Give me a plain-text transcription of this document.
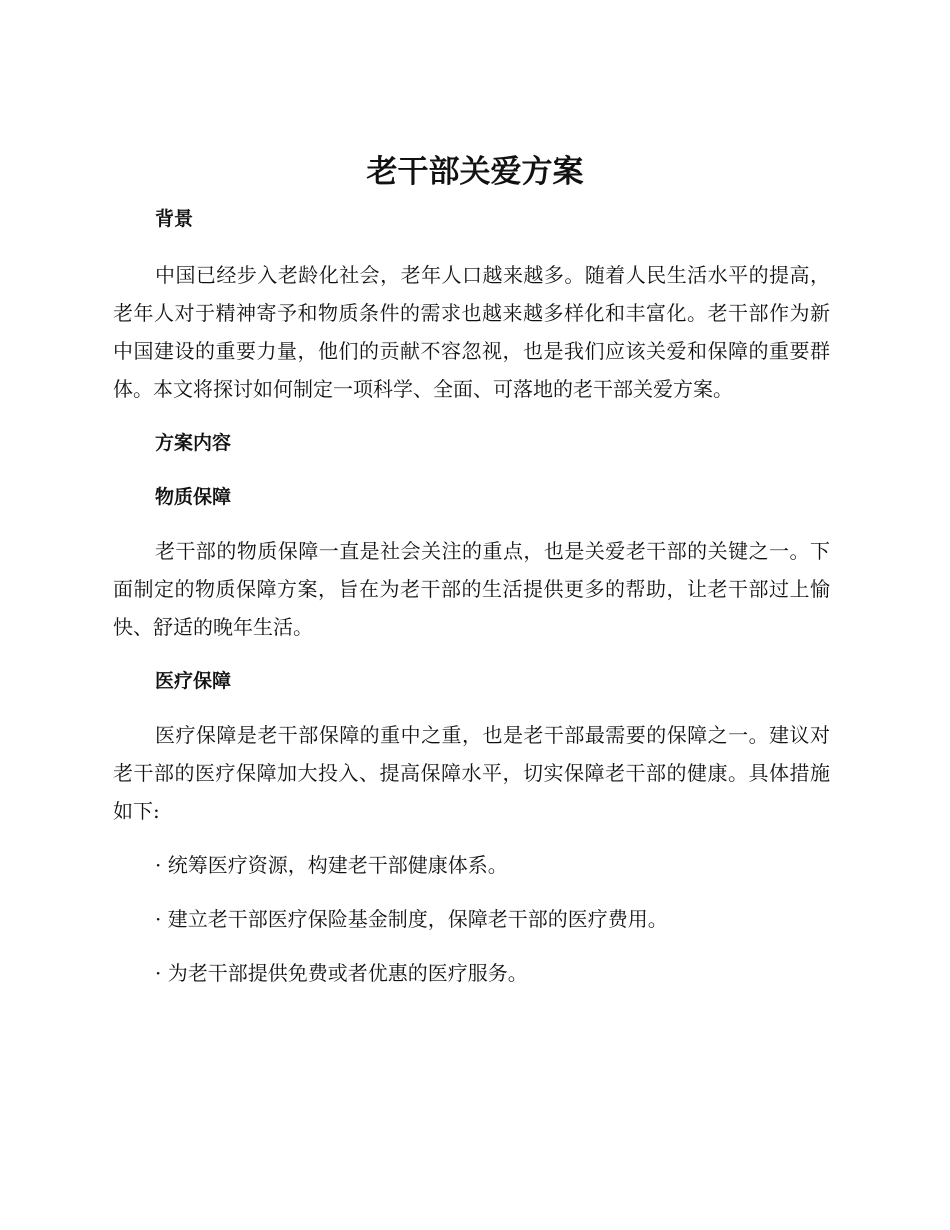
老干部关爱方案

背景

中国已经步入老龄化社会，老年人口越来越多。随着人民生活水平的提高，老年人对于精神寄予和物质条件的需求也越来越多样化和丰富化。老干部作为新中国建设的重要力量，他们的贡献不容忽视，也是我们应该关爱和保障的重要群体。本文将探讨如何制定一项科学、全面、可落地的老干部关爱方案。

方案内容

物质保障

老干部的物质保障一直是社会关注的重点，也是关爱老干部的关键之一。下面制定的物质保障方案，旨在为老干部的生活提供更多的帮助，让老干部过上愉快、舒适的晚年生活。

医疗保障

医疗保障是老干部保障的重中之重，也是老干部最需要的保障之一。建议对老干部的医疗保障加大投入、提高保障水平，切实保障老干部的健康。具体措施如下:

· 统筹医疗资源，构建老干部健康体系。

· 建立老干部医疗保险基金制度，保障老干部的医疗费用。

· 为老干部提供免费或者优惠的医疗服务。
